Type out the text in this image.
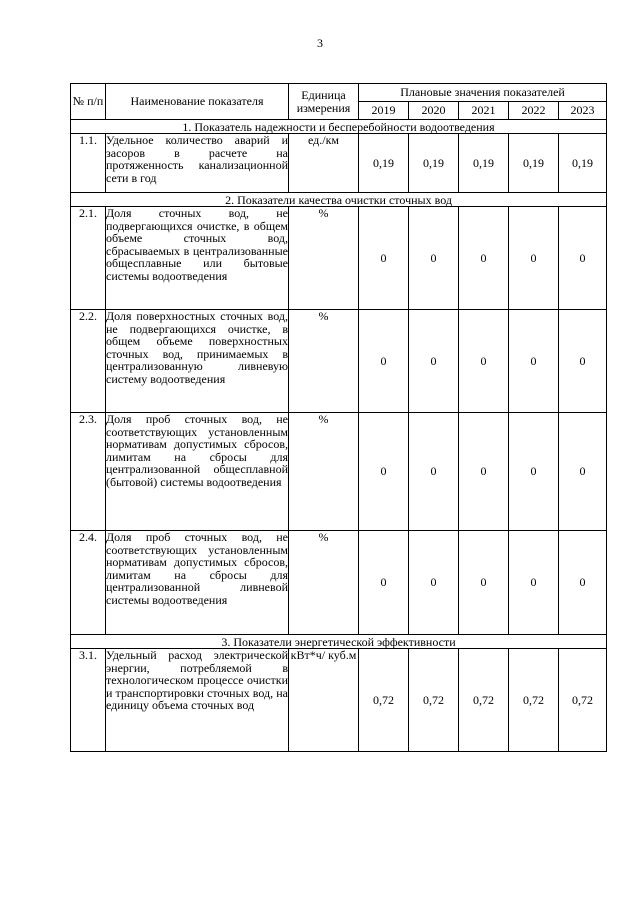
3
№ п/п	Наименование показателя	Единица измерения	Плановые значения показателей				
			2019	2020	2021	2022	2023
1. Показатель надежности и бесперебойности водоотведения							
1.1.	Удельное количество аварий и засоров в расчете на протяженность канализационной сети в год	ед./км	0,19	0,19	0,19	0,19	0,19
2. Показатели качества очистки сточных вод							
2.1.	Доля сточных вод, не подвергающихся очистке, в общем объеме сточных вод, сбрасываемых в централизованные общесплавные или бытовые системы водоотведения	%	0	0	0	0	0
2.2.	Доля поверхностных сточных вод, не подвергающихся очистке, в общем объеме поверхностных сточных вод, принимаемых в централизованную ливневую систему водоотведения	%	0	0	0	0	0
2.3.	Доля проб сточных вод, не соответствующих установленным нормативам допустимых сбросов, лимитам на сбросы для централизованной общесплавной (бытовой) системы водоотведения	%	0	0	0	0	0
2.4.	Доля проб сточных вод, не соответствующих установленным нормативам допустимых сбросов, лимитам на сбросы для централизованной ливневой системы водоотведения	%	0	0	0	0	0
3. Показатели энергетической эффективности							
3.1.	Удельный расход электрической энергии, потребляемой в технологическом процессе очистки и транспортировки сточных вод, на единицу объема сточных вод	кВт*ч/ куб.м	0,72	0,72	0,72	0,72	0,72
